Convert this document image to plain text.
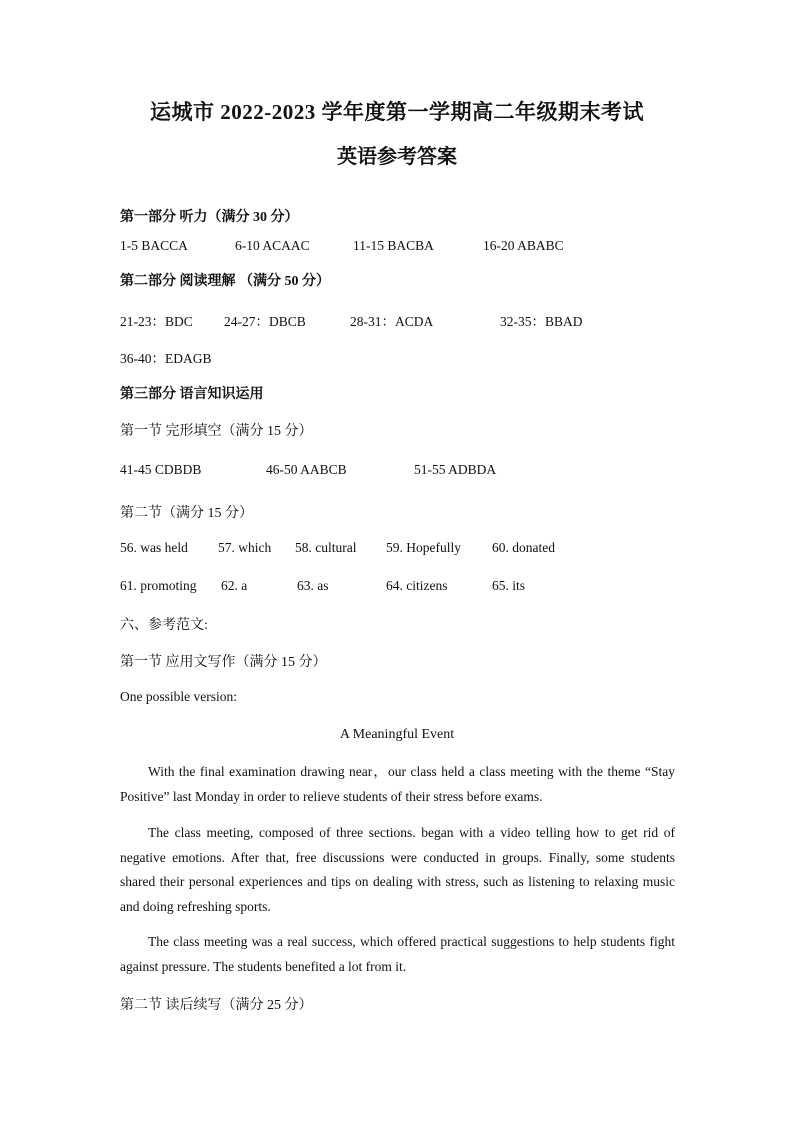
运城市 2022-2023 学年度第一学期高二年级期末考试
英语参考答案
第一部分 听力（满分 30 分）
1-5 BACCA	6-10 ACAAC	11-15 BACBA	16-20 ABABC
第二部分 阅读理解 （满分 50 分）
21-23：BDC 24-27：DBCB	28-31：ACDA	32-35：BBAD
36-40：EDAGB
第三部分 语言知识运用
第一节 完形填空（满分 15 分）
41-45 CDBDB	46-50 AABCB	51-55 ADBDA
第二节（满分 15 分）
56. was held 57. which 58. cultural 59. Hopefully 60. donated
61. promoting 62. a	63. as	64. citizens	65. its
六、参考范文:
第一节 应用文写作（满分 15 分）
One possible version:
A Meaningful Event
With the final examination drawing near，our class held a class meeting with the theme “Stay Positive” last Monday in order to relieve students of their stress before exams.
The class meeting, composed of three sections. began with a video telling how to get rid of negative emotions. After that, free discussions were conducted in groups. Finally, some students shared their personal experiences and tips on dealing with stress, such as listening to relaxing music and doing refreshing sports.
The class meeting was a real success, which offered practical suggestions to help students fight against pressure. The students benefited a lot from it.
第二节 读后续写（满分 25 分）
